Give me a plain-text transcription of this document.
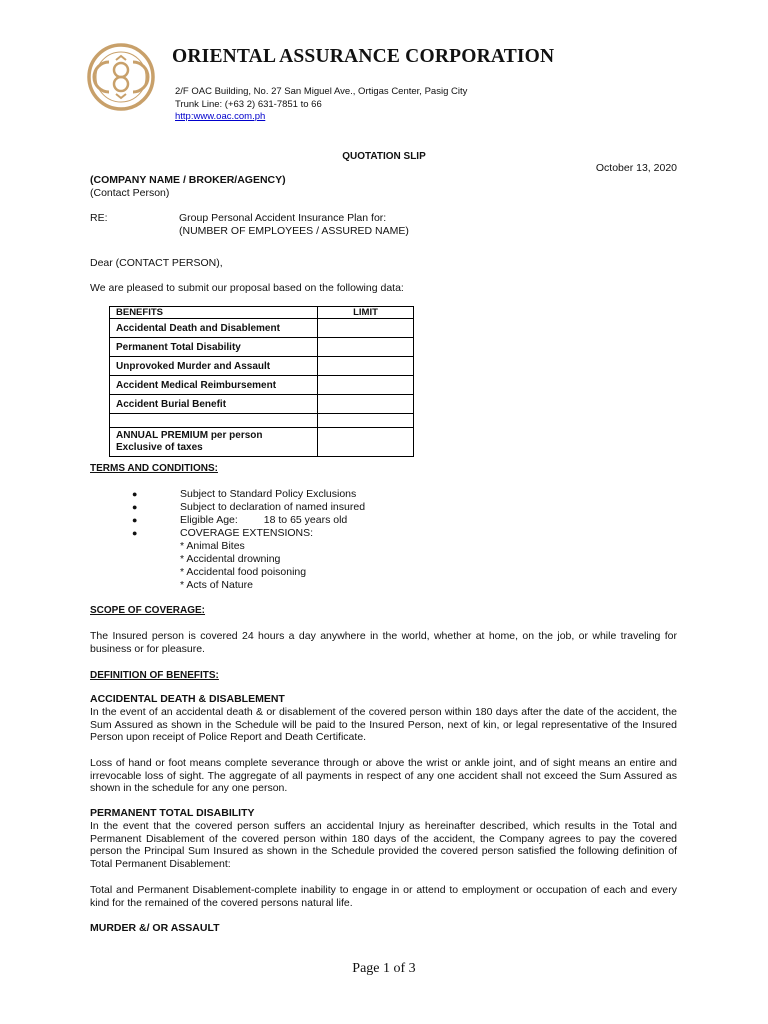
ORIENTAL ASSURANCE CORPORATION
2/F OAC Building, No. 27 San Miguel Ave., Ortigas Center, Pasig City
Trunk Line: (+63 2) 631-7851 to 66
http:www.oac.com.ph
QUOTATION SLIP
October 13, 2020
(COMPANY NAME / BROKER/AGENCY)
(Contact Person)
RE:	Group Personal Accident Insurance Plan for:
(NUMBER OF EMPLOYEES / ASSURED NAME)
Dear (CONTACT PERSON),
We are pleased to submit our proposal based on the following data:
BENEFITS	LIMIT
Accidental Death and Disablement	
Permanent Total Disability	
Unprovoked Murder and Assault	
Accident Medical Reimbursement	
Accident Burial Benefit	

ANNUAL PREMIUM per person
Exclusive of taxes	
TERMS AND CONDITIONS:
●	Subject to Standard Policy Exclusions
●	Subject to declaration of named insured
●	Eligible Age: 18 to 65 years old
●	COVERAGE EXTENSIONS:
* Animal Bites
* Accidental drowning
* Accidental food poisoning
* Acts of Nature
SCOPE OF COVERAGE:
The Insured person is covered 24 hours a day anywhere in the world, whether at home, on the job, or while traveling for business or for pleasure.
DEFINITION OF BENEFITS:
ACCIDENTAL DEATH & DISABLEMENT
In the event of an accidental death & or disablement of the covered person within 180 days after the date of the accident, the Sum Assured as shown in the Schedule will be paid to the Insured Person, next of kin, or legal representative of the Insured Person upon receipt of Police Report and Death Certificate.
Loss of hand or foot means complete severance through or above the wrist or ankle joint, and of sight means an entire and irrevocable loss of sight. The aggregate of all payments in respect of any one accident shall not exceed the Sum Assured as shown in the schedule for any one person.
PERMANENT TOTAL DISABILITY
In the event that the covered person suffers an accidental Injury as hereinafter described, which results in the Total and Permanent Disablement of the covered person within 180 days of the accident, the Company agrees to pay the covered person the Principal Sum Insured as shown in the Schedule provided the covered person satisfied the following definition of Total Permanent Disablement:
Total and Permanent Disablement-complete inability to engage in or attend to employment or occupation of each and every kind for the remained of the covered persons natural life.
MURDER &/ OR ASSAULT
Page 1 of 3
